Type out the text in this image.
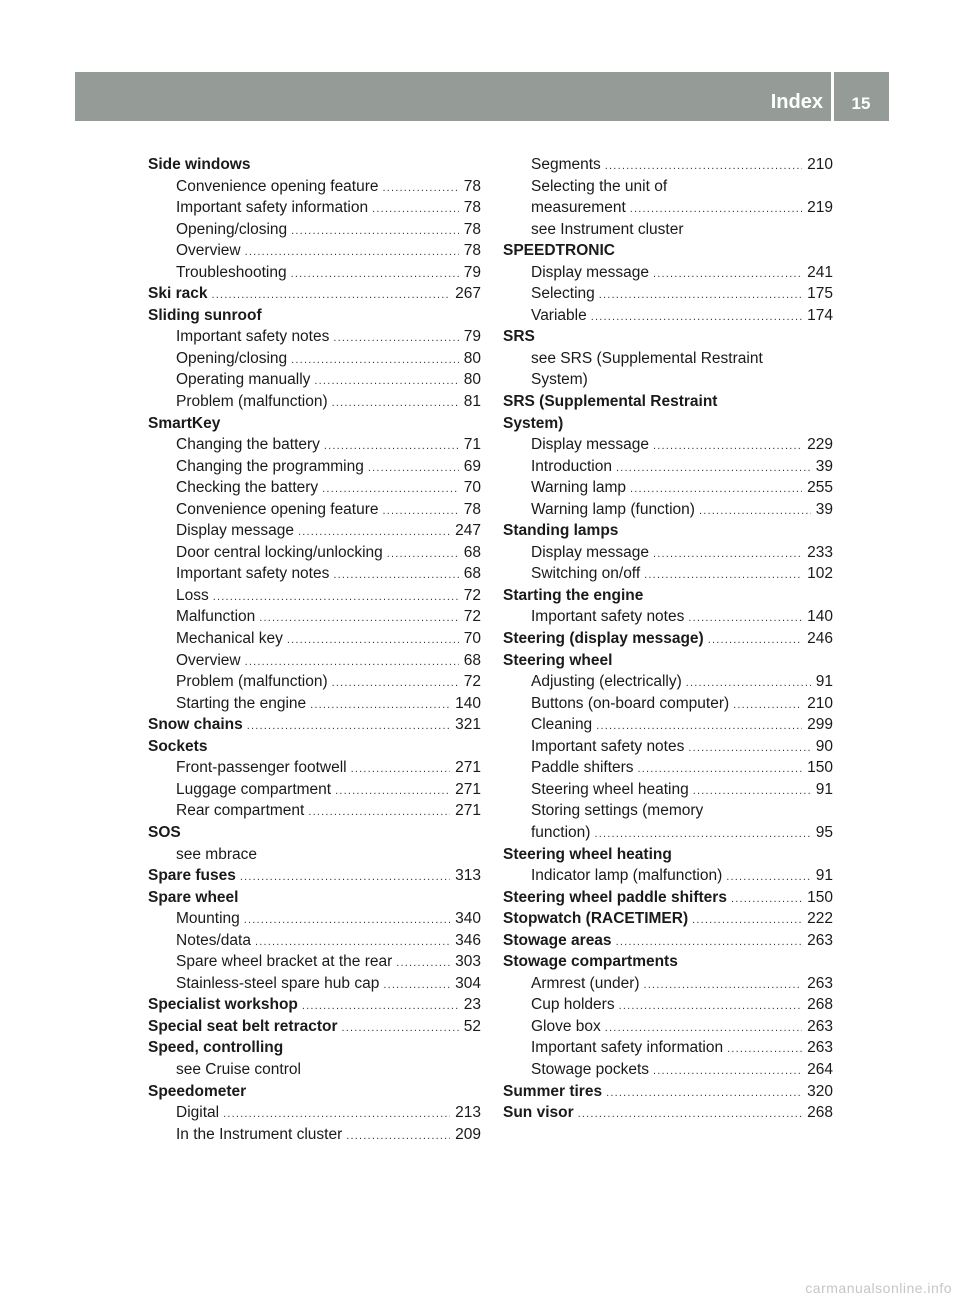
Index	15
Side windows
Convenience opening feature .....	78
Important safety information .....	78
Opening/closing .....	78
Overview .....	78
Troubleshooting .....	79
Ski rack .....	267
Sliding sunroof
Important safety notes .....	79
Opening/closing .....	80
Operating manually .....	80
Problem (malfunction) .....	81
SmartKey
Changing the battery .....	71
Changing the programming .....	69
Checking the battery .....	70
Convenience opening feature .....	78
Display message .....	247
Door central locking/unlocking .....	68
Important safety notes .....	68
Loss .....	72
Malfunction .....	72
Mechanical key .....	70
Overview .....	68
Problem (malfunction) .....	72
Starting the engine .....	140
Snow chains .....	321
Sockets
Front-passenger footwell .....	271
Luggage compartment .....	271
Rear compartment .....	271
SOS
see mbrace
Spare fuses .....	313
Spare wheel
Mounting .....	340
Notes/data .....	346
Spare wheel bracket at the rear .....	303
Stainless-steel spare hub cap .....	304
Specialist workshop .....	23
Special seat belt retractor .....	52
Speed, controlling
see Cruise control
Speedometer
Digital .....	213
In the Instrument cluster .....	209
Segments .....	210
Selecting the unit of
measurement .....	219
see Instrument cluster
SPEEDTRONIC
Display message .....	241
Selecting .....	175
Variable .....	174
SRS
see SRS (Supplemental Restraint
System)
SRS (Supplemental Restraint
System)
Display message .....	229
Introduction .....	39
Warning lamp .....	255
Warning lamp (function) .....	39
Standing lamps
Display message .....	233
Switching on/off .....	102
Starting the engine
Important safety notes .....	140
Steering (display message) .....	246
Steering wheel
Adjusting (electrically) .....	91
Buttons (on-board computer) .....	210
Cleaning .....	299
Important safety notes .....	90
Paddle shifters .....	150
Steering wheel heating .....	91
Storing settings (memory
function) .....	95
Steering wheel heating
Indicator lamp (malfunction) .....	91
Steering wheel paddle shifters .....	150
Stopwatch (RACETIMER) .....	222
Stowage areas .....	263
Stowage compartments
Armrest (under) .....	263
Cup holders .....	268
Glove box .....	263
Important safety information .....	263
Stowage pockets .....	264
Summer tires .....	320
Sun visor .....	268
carmanualsonline.info
